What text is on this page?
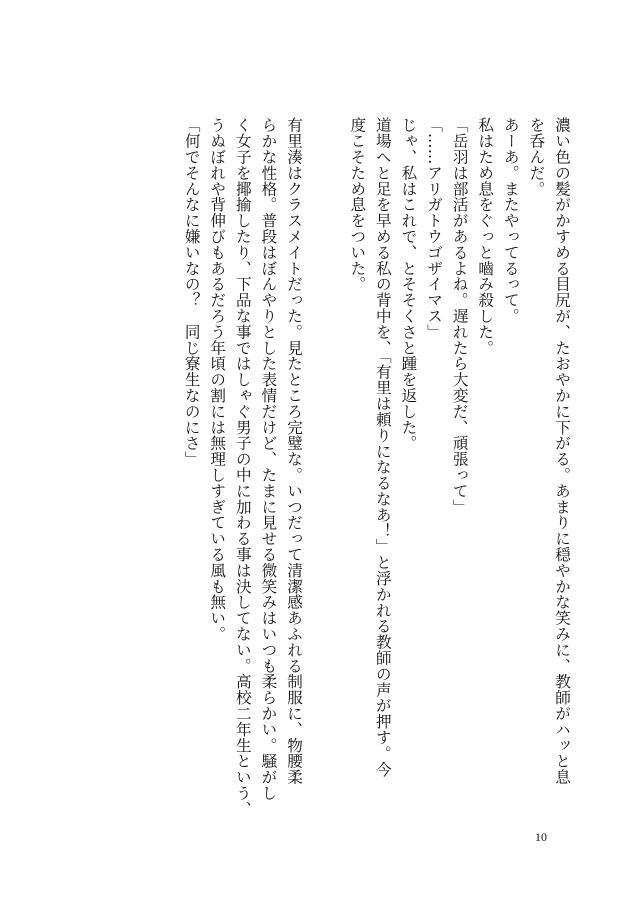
濃い色の髪がかすめる目尻が、たおやかに下がる。あまりに穏やかな笑みに、教師がハッと息
を呑んだ。
あーあ。またやってるって。
私はため息をぐっと嚙み殺した。
「岳羽は部活があるよね。遅れたら大変だ、頑張って」
「……アリガトウゴザイマス」
じゃ、私はこれで、とそそくさと踵を返した。
道場へと足を早める私の背中を、「有里は頼りになるなあ！」と浮かれる教師の声が押す。今
度こそため息をついた。
有里湊はクラスメイトだった。見たところ完璧な。いつだって清潔感あふれる制服に、物腰柔
らかな性格。普段はぼんやりとした表情だけど、たまに見せる微笑みはいつも柔らかい。騒がし
く女子を揶揄したり、下品な事ではしゃぐ男子の中に加わる事は決してない。高校二年生という、
うぬぼれや背伸びもあるだろう年頃の割には無理しすぎている風も無い。
「何でそんなに嫌いなの？　同じ寮生なのにさ」
10
